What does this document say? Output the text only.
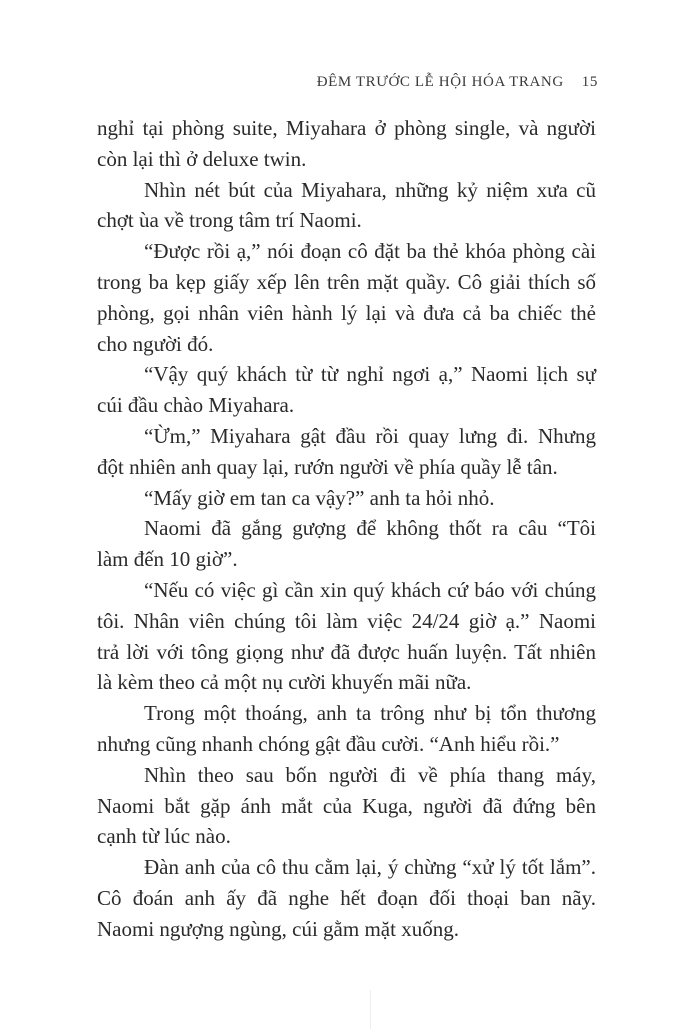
ĐÊM TRƯỚC LỄ HỘI HÓA TRANG 15
nghỉ tại phòng suite, Miyahara ở phòng single, và người
còn lại thì ở deluxe twin.
Nhìn nét bút của Miyahara, những kỷ niệm xưa cũ
chợt ùa về trong tâm trí Naomi.
“Được rồi ạ,” nói đoạn cô đặt ba thẻ khóa phòng cài
trong ba kẹp giấy xếp lên trên mặt quầy. Cô giải thích số
phòng, gọi nhân viên hành lý lại và đưa cả ba chiếc thẻ
cho người đó.
“Vậy quý khách từ từ nghỉ ngơi ạ,” Naomi lịch sự
cúi đầu chào Miyahara.
“Ừm,” Miyahara gật đầu rồi quay lưng đi. Nhưng
đột nhiên anh quay lại, rướn người về phía quầy lễ tân.
“Mấy giờ em tan ca vậy?” anh ta hỏi nhỏ.
Naomi đã gắng gượng để không thốt ra câu “Tôi
làm đến 10 giờ”.
“Nếu có việc gì cần xin quý khách cứ báo với chúng
tôi. Nhân viên chúng tôi làm việc 24/24 giờ ạ.” Naomi
trả lời với tông giọng như đã được huấn luyện. Tất nhiên
là kèm theo cả một nụ cười khuyến mãi nữa.
Trong một thoáng, anh ta trông như bị tổn thương
nhưng cũng nhanh chóng gật đầu cười. “Anh hiểu rồi.”
Nhìn theo sau bốn người đi về phía thang máy,
Naomi bắt gặp ánh mắt của Kuga, người đã đứng bên
cạnh từ lúc nào.
Đàn anh của cô thu cằm lại, ý chừng “xử lý tốt lắm”.
Cô đoán anh ấy đã nghe hết đoạn đối thoại ban nãy.
Naomi ngượng ngùng, cúi gằm mặt xuống.
